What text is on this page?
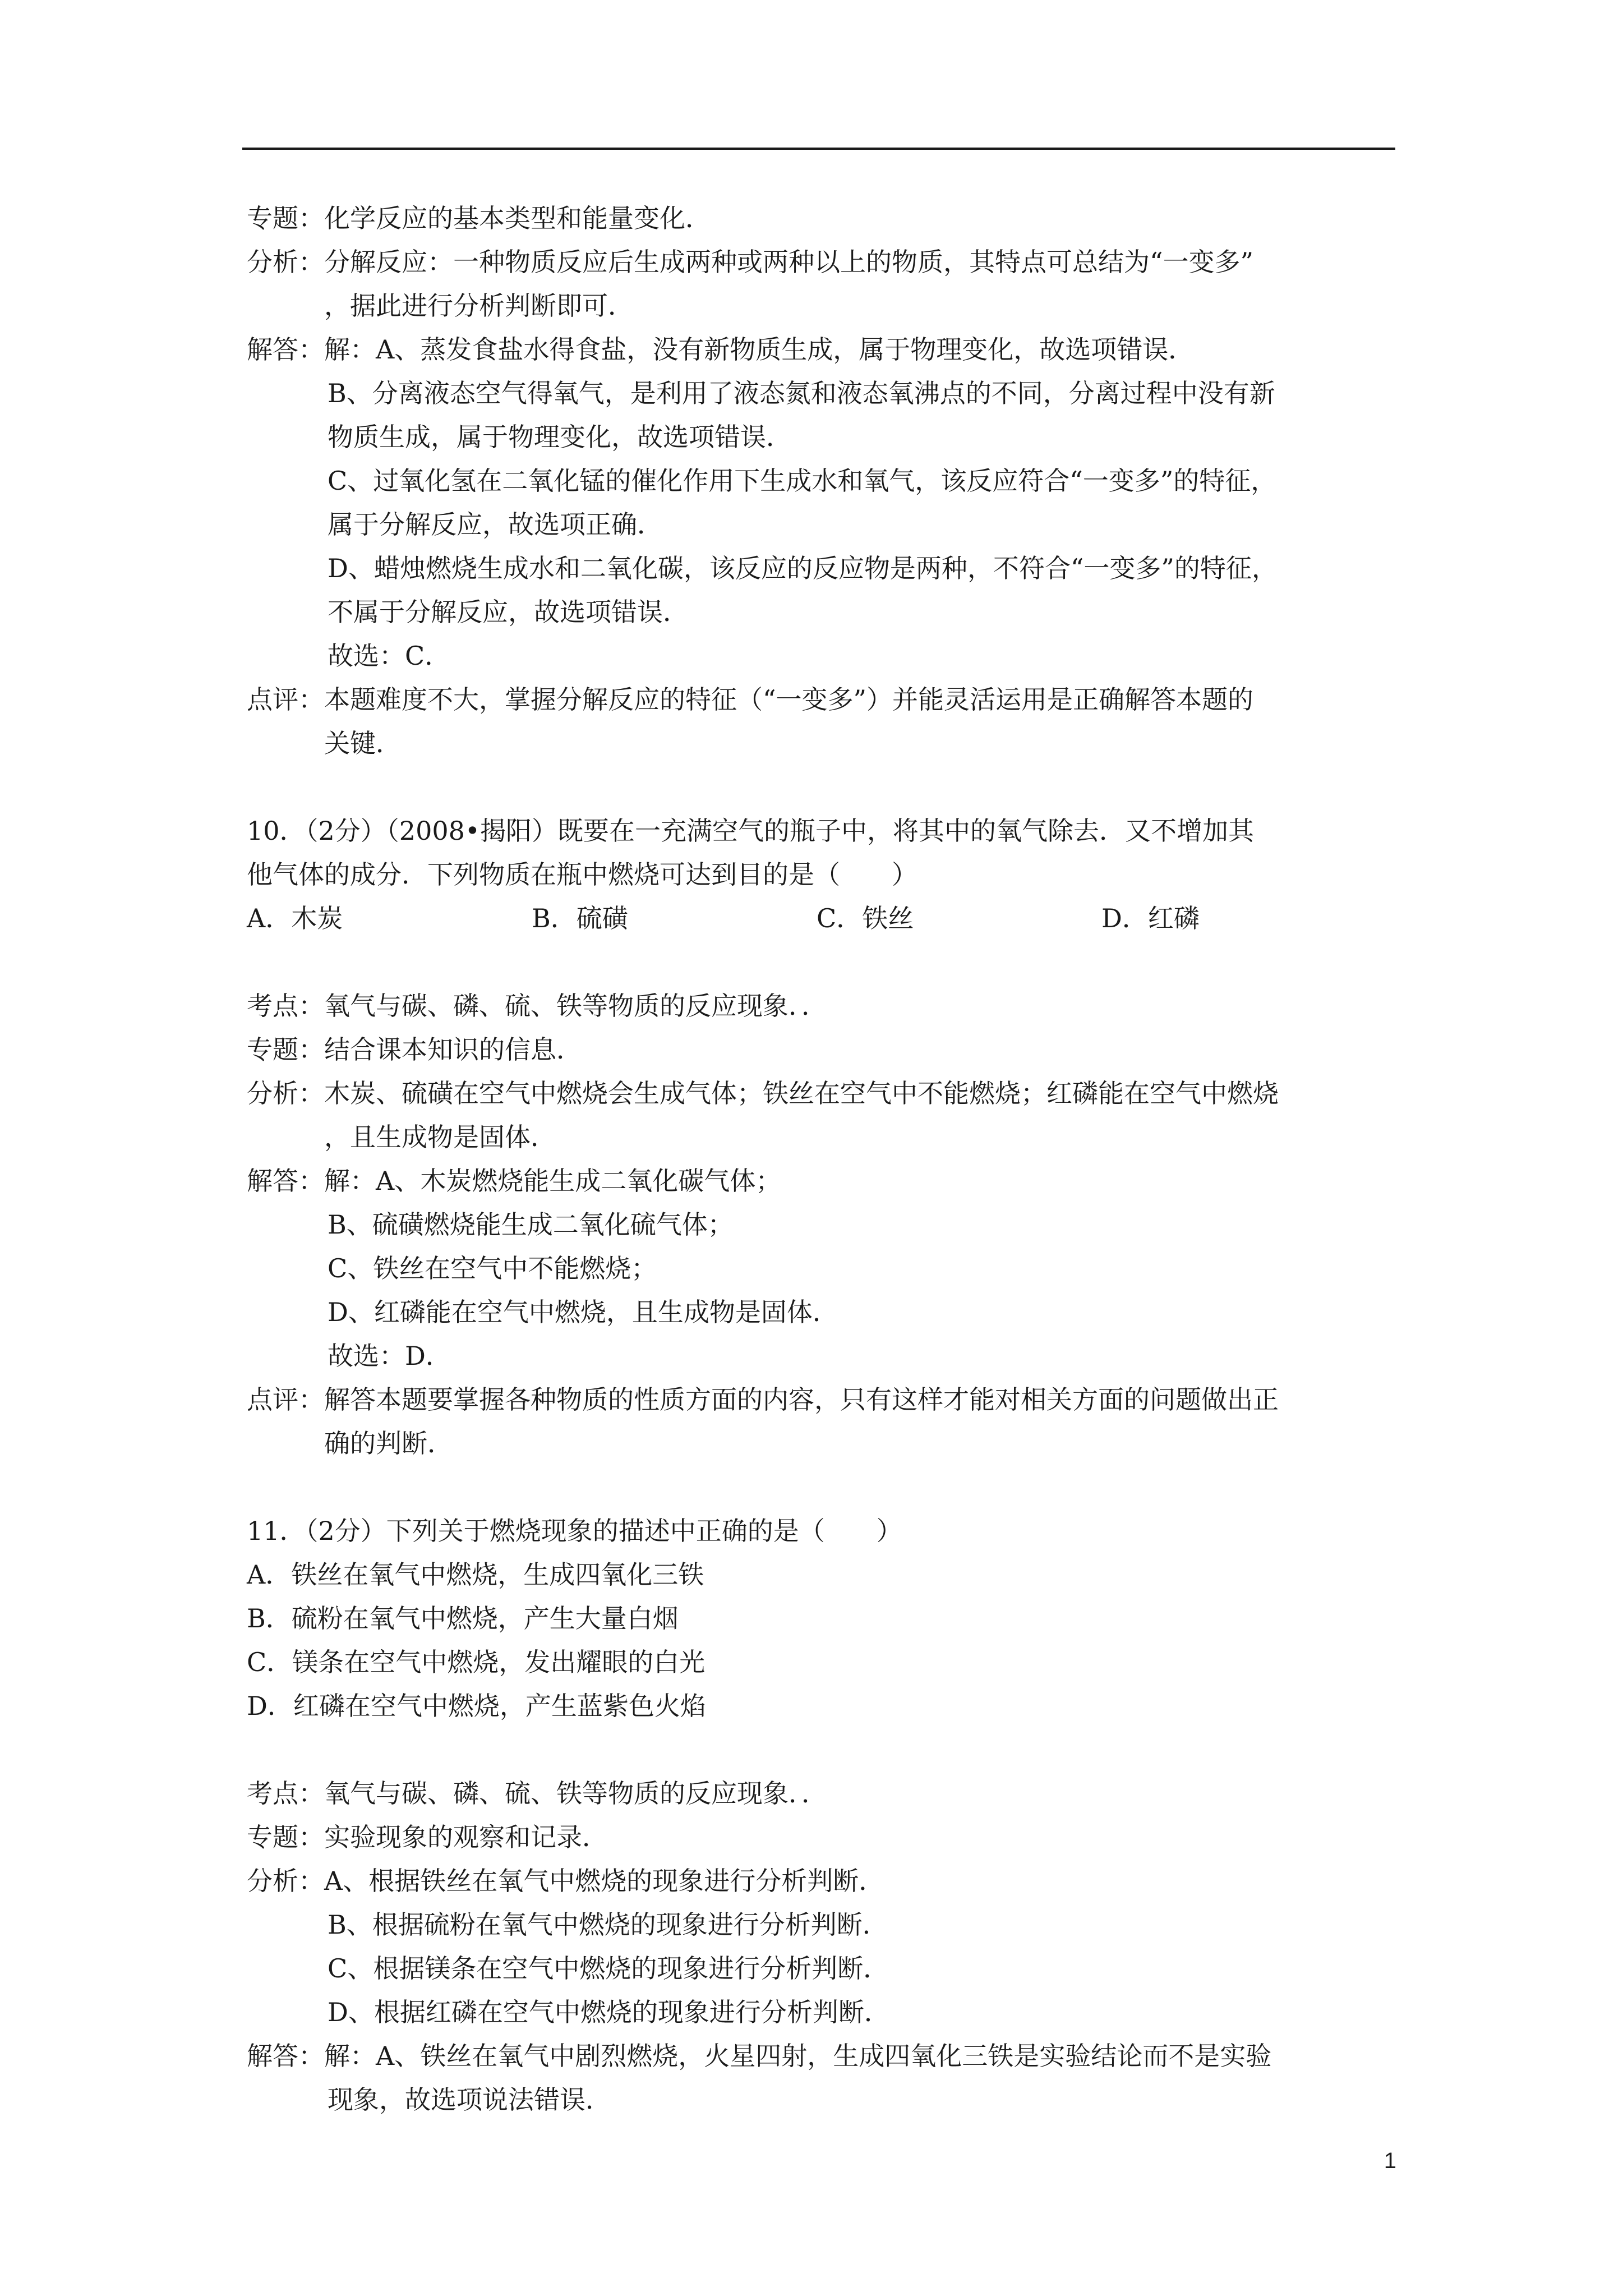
专题：化学反应的基本类型和能量变化．
分析：分解反应：一种物质反应后生成两种或两种以上的物质，其特点可总结为“一变多”
，据此进行分析判断即可．
解答：解：A、蒸发食盐水得食盐，没有新物质生成，属于物理变化，故选项错误．
B、分离液态空气得氧气，是利用了液态氮和液态氧沸点的不同，分离过程中没有新
物质生成，属于物理变化，故选项错误．
C、过氧化氢在二氧化锰的催化作用下生成水和氧气，该反应符合“一变多”的特征，
属于分解反应，故选项正确．
D、蜡烛燃烧生成水和二氧化碳，该反应的反应物是两种，不符合“一变多”的特征，
不属于分解反应，故选项错误．
故选：C．
点评：本题难度不大，掌握分解反应的特征（“一变多”）并能灵活运用是正确解答本题的
关键．
10．（2分）（2008•揭阳）既要在一充满空气的瓶子中，将其中的氧气除去．又不增加其
他气体的成分．下列物质在瓶中燃烧可达到目的是（　　）
A．木炭	B．硫磺	C．铁丝	D．红磷
考点：氧气与碳、磷、硫、铁等物质的反应现象．．
专题：结合课本知识的信息．
分析：木炭、硫磺在空气中燃烧会生成气体；铁丝在空气中不能燃烧；红磷能在空气中燃烧
，且生成物是固体．
解答：解：A、木炭燃烧能生成二氧化碳气体；
B、硫磺燃烧能生成二氧化硫气体；
C、铁丝在空气中不能燃烧；
D、红磷能在空气中燃烧，且生成物是固体．
故选：D．
点评：解答本题要掌握各种物质的性质方面的内容，只有这样才能对相关方面的问题做出正
确的判断．
11．（2分）下列关于燃烧现象的描述中正确的是（　　）
A．铁丝在氧气中燃烧，生成四氧化三铁
B．硫粉在氧气中燃烧，产生大量白烟
C．镁条在空气中燃烧，发出耀眼的白光
D．红磷在空气中燃烧，产生蓝紫色火焰
考点：氧气与碳、磷、硫、铁等物质的反应现象．．
专题：实验现象的观察和记录．
分析：A、根据铁丝在氧气中燃烧的现象进行分析判断．
B、根据硫粉在氧气中燃烧的现象进行分析判断．
C、根据镁条在空气中燃烧的现象进行分析判断．
D、根据红磷在空气中燃烧的现象进行分析判断．
解答：解：A、铁丝在氧气中剧烈燃烧，火星四射，生成四氧化三铁是实验结论而不是实验
现象，故选项说法错误．
1
